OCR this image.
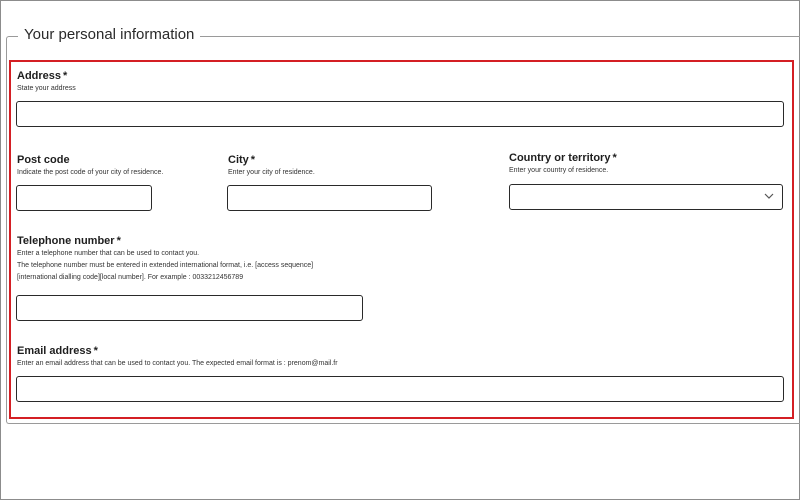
Your personal information
Address *
State your address
Post code
Indicate the post code of your city of residence.
City *
Enter your city of residence.
Country or territory *
Enter your country of residence.
Telephone number *
Enter a telephone number that can be used to contact you.
The telephone number must be entered in extended international format, i.e. [access sequence]
[international dialling code][local number]. For example : 0033212456789
Email address *
Enter an email address that can be used to contact you. The expected email format is : prenom@mail.fr
